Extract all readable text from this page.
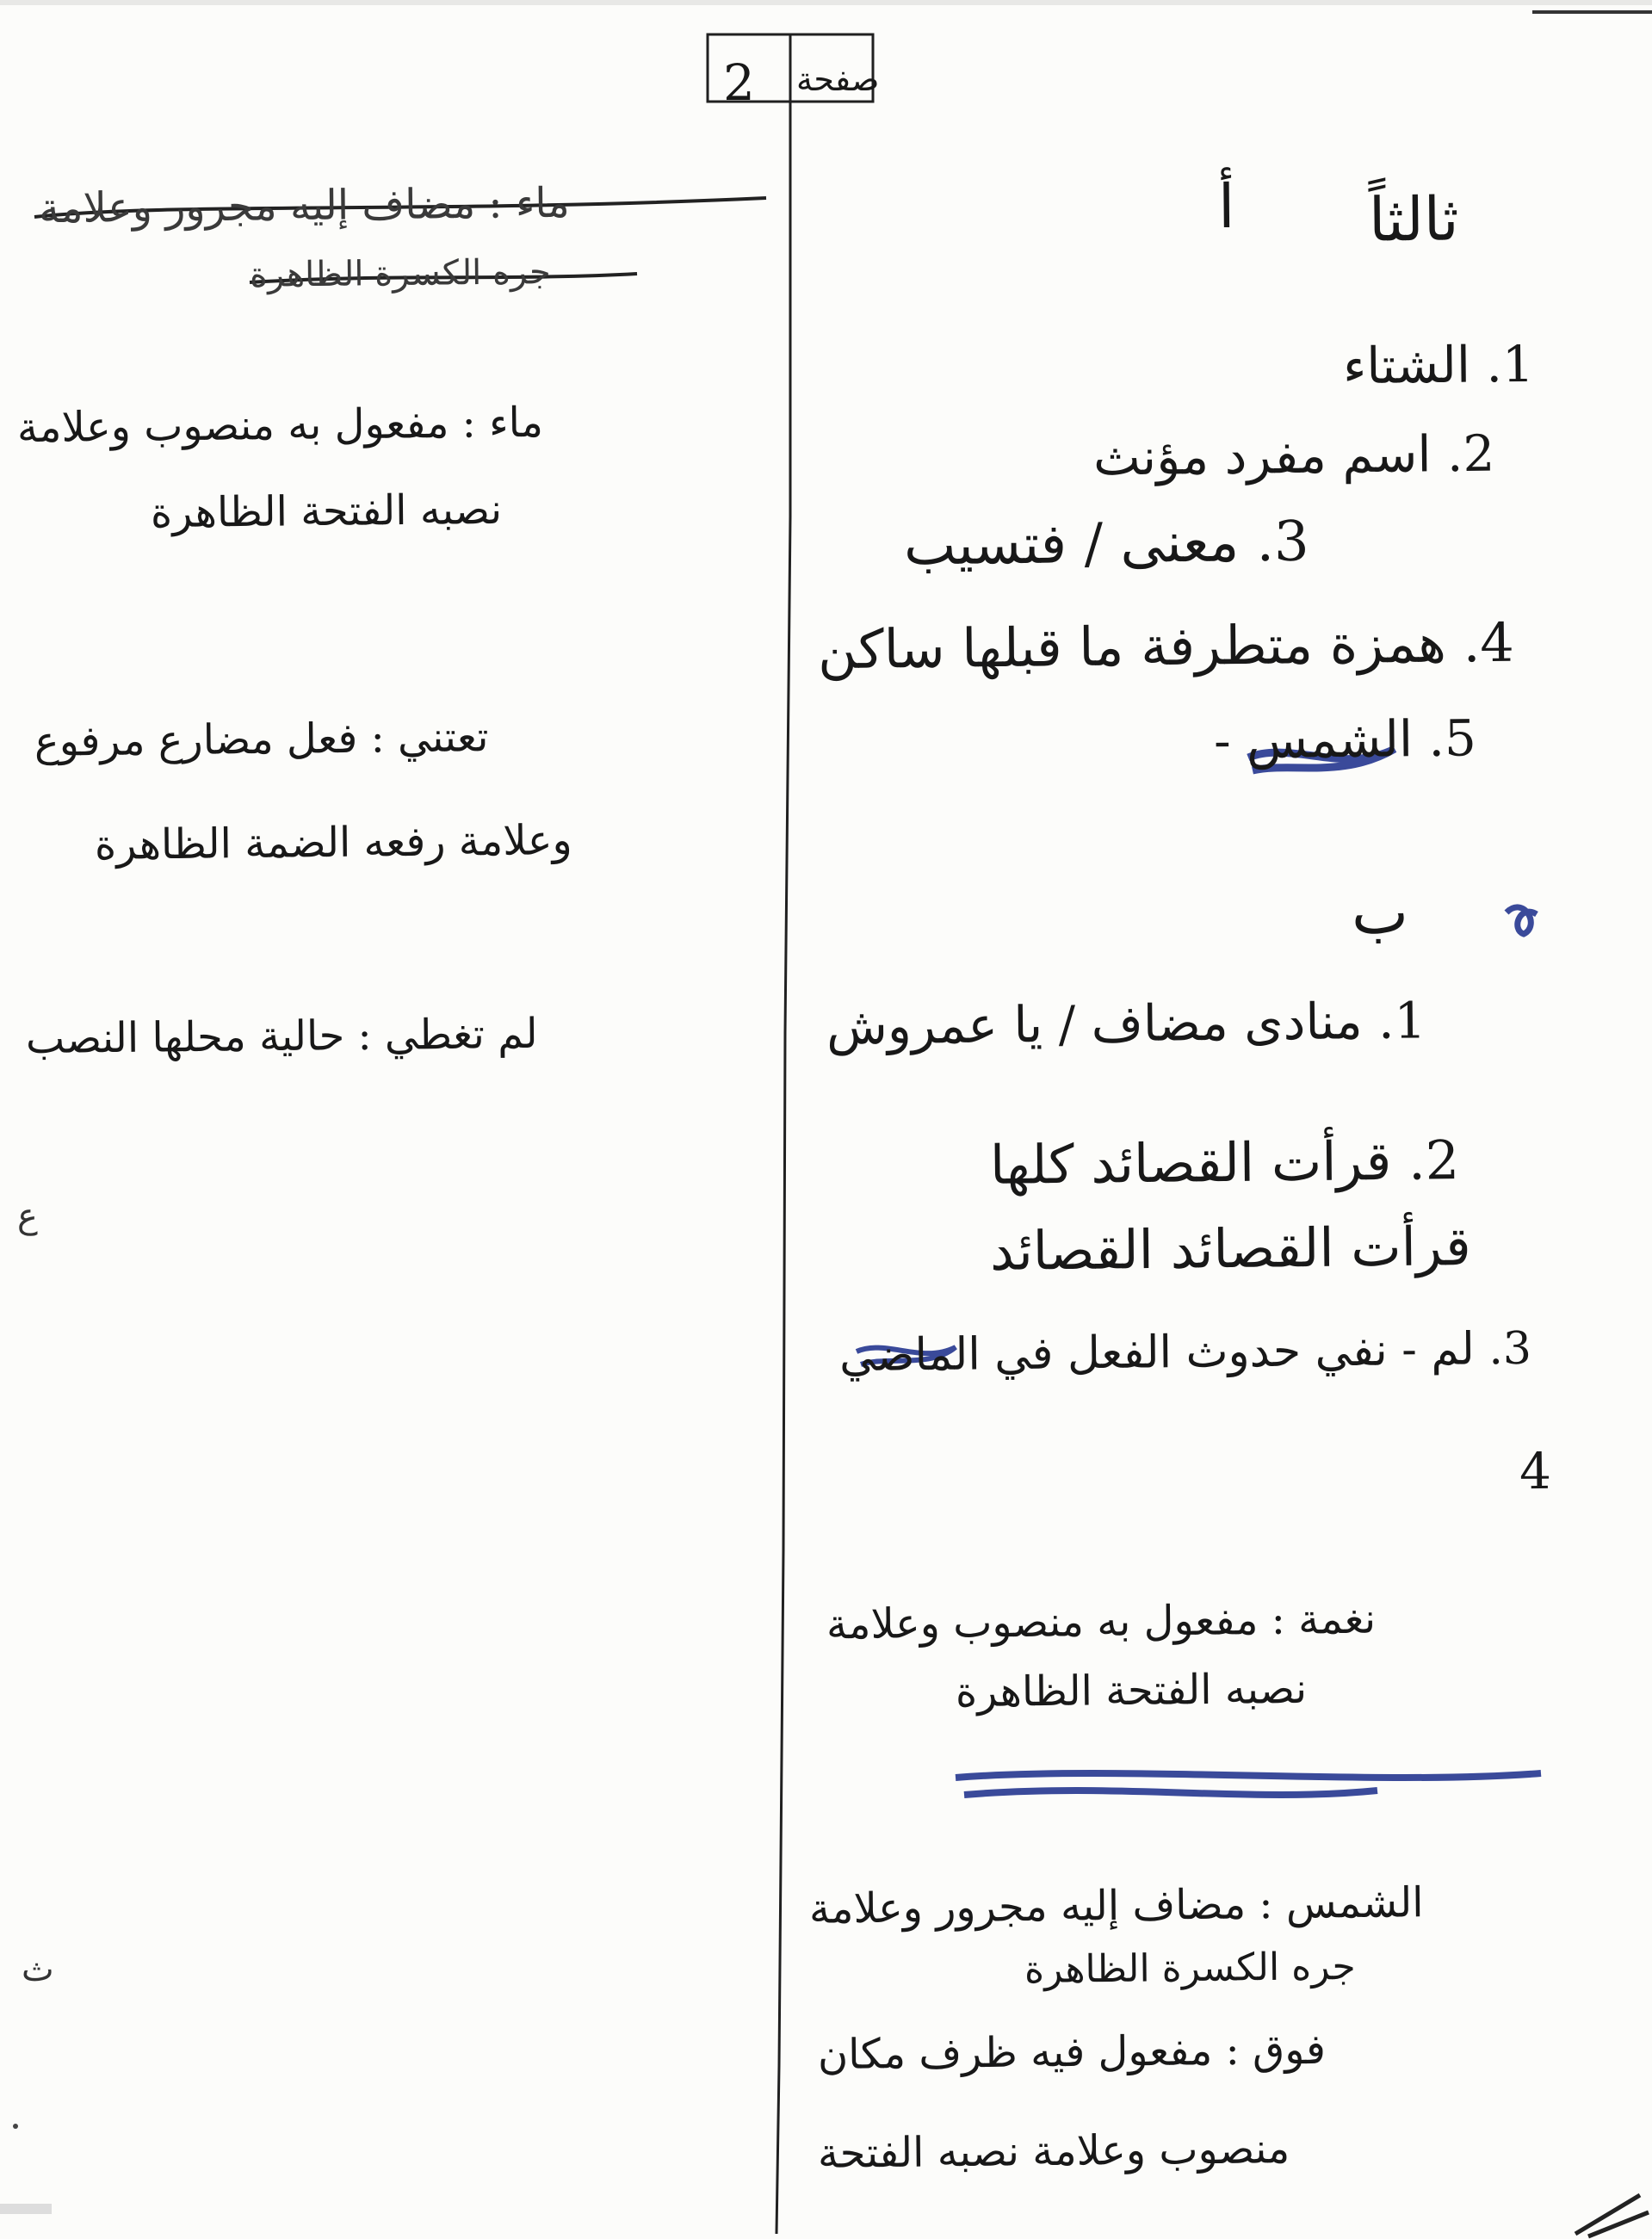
2 صفحة
ثالثاً
أ
1. الشتاء
2. اسم مفرد مؤنث
3. معنى / فتسيب
4. همزة متطرفة ما قبلها ساكن
5. الشمس -
ب
1. منادى مضاف / يا عمروش
2. قرأت القصائد كلها
قرأت القصائد القصائد
3. لم - نفي حدوث الفعل في الماضي
4
نغمة : مفعول به منصوب وعلامة
نصبه الفتحة الظاهرة
الشمس : مضاف إليه مجرور وعلامة
جره الكسرة الظاهرة
فوق : مفعول فيه ظرف مكان
منصوب وعلامة نصبه الفتحة
ماء : مضاف إليه مجرور وعلامة
جره الكسرة الظاهرة
ماء : مفعول به منصوب وعلامة
نصبه الفتحة الظاهرة
تعتني : فعل مضارع مرفوع
وعلامة رفعه الضمة الظاهرة
لم تغطي : حالية محلها النصب
ع
ث
